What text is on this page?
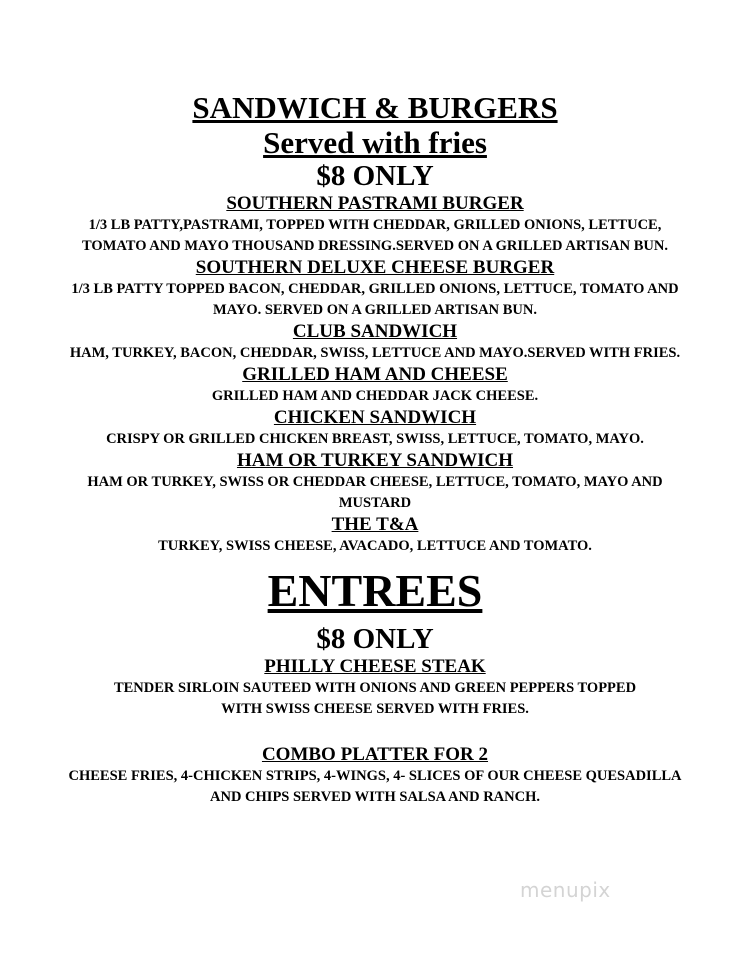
SANDWICH & BURGERS
Served with fries
$8 ONLY
SOUTHERN PASTRAMI BURGER
1/3 LB PATTY,PASTRAMI, TOPPED WITH CHEDDAR, GRILLED ONIONS, LETTUCE, TOMATO AND MAYO THOUSAND DRESSING.SERVED ON A GRILLED ARTISAN BUN.
SOUTHERN DELUXE CHEESE BURGER
1/3 LB PATTY TOPPED BACON, CHEDDAR, GRILLED ONIONS, LETTUCE, TOMATO AND MAYO. SERVED ON A GRILLED ARTISAN BUN.
CLUB SANDWICH
HAM, TURKEY, BACON, CHEDDAR, SWISS, LETTUCE AND MAYO.SERVED WITH FRIES.
GRILLED HAM AND CHEESE
GRILLED HAM AND CHEDDAR JACK CHEESE.
CHICKEN SANDWICH
CRISPY OR GRILLED CHICKEN BREAST, SWISS, LETTUCE, TOMATO, MAYO.
HAM OR TURKEY SANDWICH
HAM OR TURKEY, SWISS OR CHEDDAR CHEESE, LETTUCE, TOMATO, MAYO AND MUSTARD
THE T&A
TURKEY, SWISS CHEESE, AVACADO, LETTUCE AND TOMATO.
ENTREES
$8 ONLY
PHILLY CHEESE STEAK
TENDER SIRLOIN SAUTEED WITH ONIONS AND GREEN PEPPERS TOPPED WITH SWISS CHEESE SERVED WITH FRIES.
COMBO PLATTER FOR 2
CHEESE FRIES, 4-CHICKEN STRIPS, 4-WINGS, 4- SLICES OF OUR CHEESE QUESADILLA AND CHIPS SERVED WITH SALSA AND RANCH.
menupix
